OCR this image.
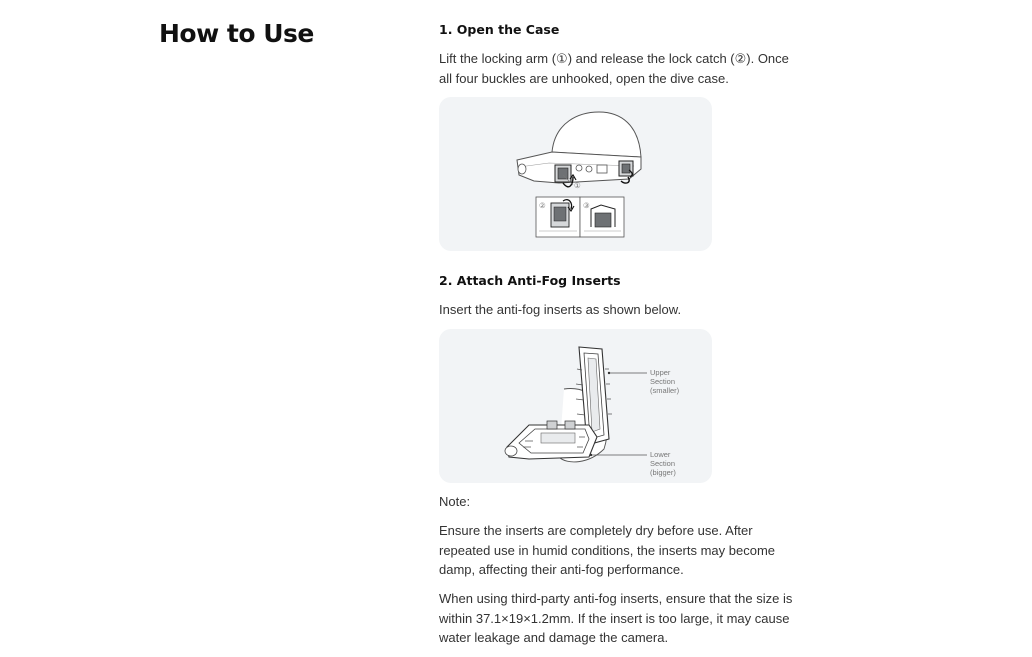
How to Use	1. Open the Case

Lift the locking arm (①) and release the lock catch (②). Once all four buckles are unhooked, open the dive case.

①
②	③
2. Attach Anti-Fog Inserts

Insert the anti-fog inserts as shown below.

Upper
Section
(smaller)
Lower
Section
(bigger)

Note:

Ensure the inserts are completely dry before use. After repeated use in humid conditions, the inserts may become damp, affecting their anti-fog performance.

When using third-party anti-fog inserts, ensure that the size is within 37.1×19×1.2mm. If the insert is too large, it may cause water leakage and damage the camera.
